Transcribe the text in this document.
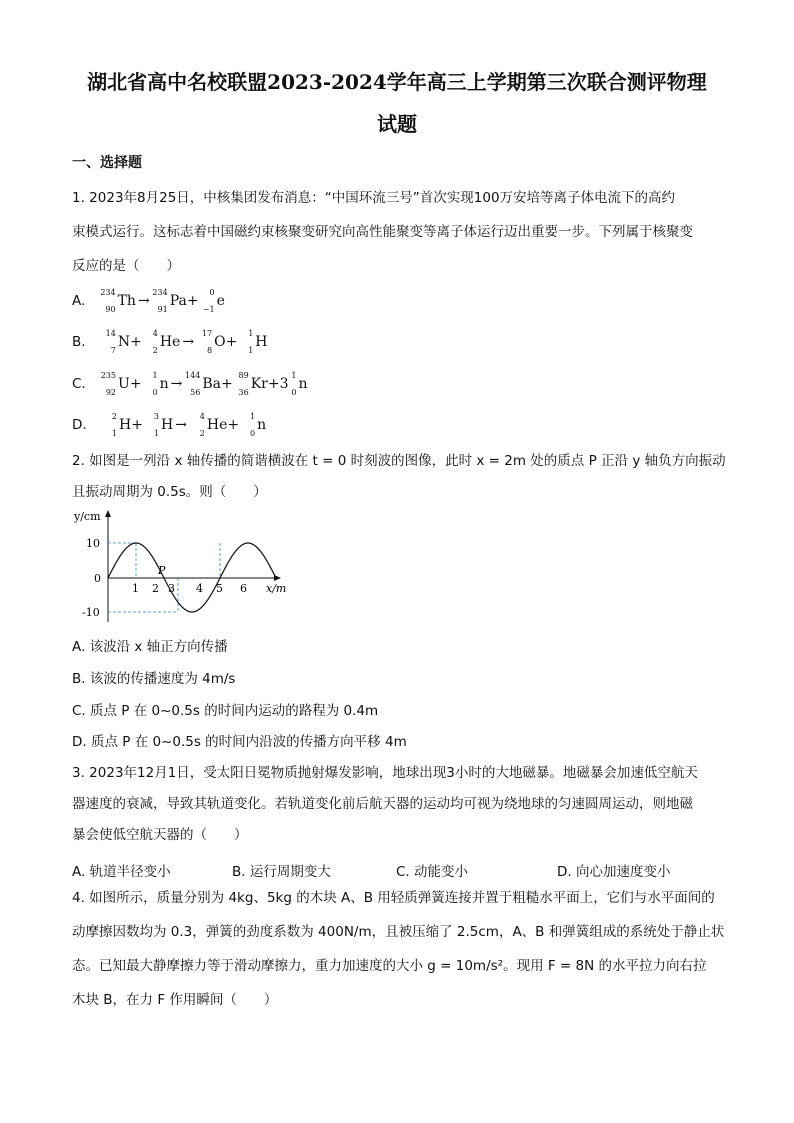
湖北省高中名校联盟2023-2024学年高三上学期第三次联合测评物理
试题
一、选择题
1. 2023年8月25日，中核集团发布消息：“中国环流三号”首次实现100万安培等离子体电流下的高约
束模式运行。这标志着中国磁约束核聚变研究向高性能聚变等离子体运行迈出重要一步。下列属于核聚变
反应的是（　　）
A.
234
90
Th →
234
91
Pa+
0
−1
e
B.
14
7
N+
4
2
He →
17
8
O+
1
1
H
C.
235
92
U+
1
0
n →
144
56
Ba+
89
36
Kr+3
1
0
n
D.
2
1
H+
3
1
H →
4
2
He+
1
0
n
2. 如图是一列沿 x 轴传播的简谐横波在 t = 0 时刻波的图像，此时 x = 2m 处的质点 P 正沿 y 轴负方向振动
且振动周期为 0.5s。则（　　）
y/cm
10
0
-10
1 2 3 4 5 6 x/m
P
A. 该波沿 x 轴正方向传播
B. 该波的传播速度为 4m/s
C. 质点 P 在 0~0.5s 的时间内运动的路程为 0.4m
D. 质点 P 在 0~0.5s 的时间内沿波的传播方向平移 4m
3. 2023年12月1日，受太阳日冕物质抛射爆发影响，地球出现3小时的大地磁暴。地磁暴会加速低空航天
器速度的衰减，导致其轨道变化。若轨道变化前后航天器的运动均可视为绕地球的匀速圆周运动，则地磁
暴会使低空航天器的（　　）
A. 轨道半径变小	B. 运行周期变大	C. 动能变小	D. 向心加速度变小
4. 如图所示，质量分别为 4kg、5kg 的木块 A、B 用轻质弹簧连接并置于粗糙水平面上，它们与水平面间的
动摩擦因数均为 0.3，弹簧的劲度系数为 400N/m，且被压缩了 2.5cm，A、B 和弹簧组成的系统处于静止状
态。已知最大静摩擦力等于滑动摩擦力，重力加速度的大小 g = 10m/s²。现用 F = 8N 的水平拉力向右拉
木块 B，在力 F 作用瞬间（　　）
